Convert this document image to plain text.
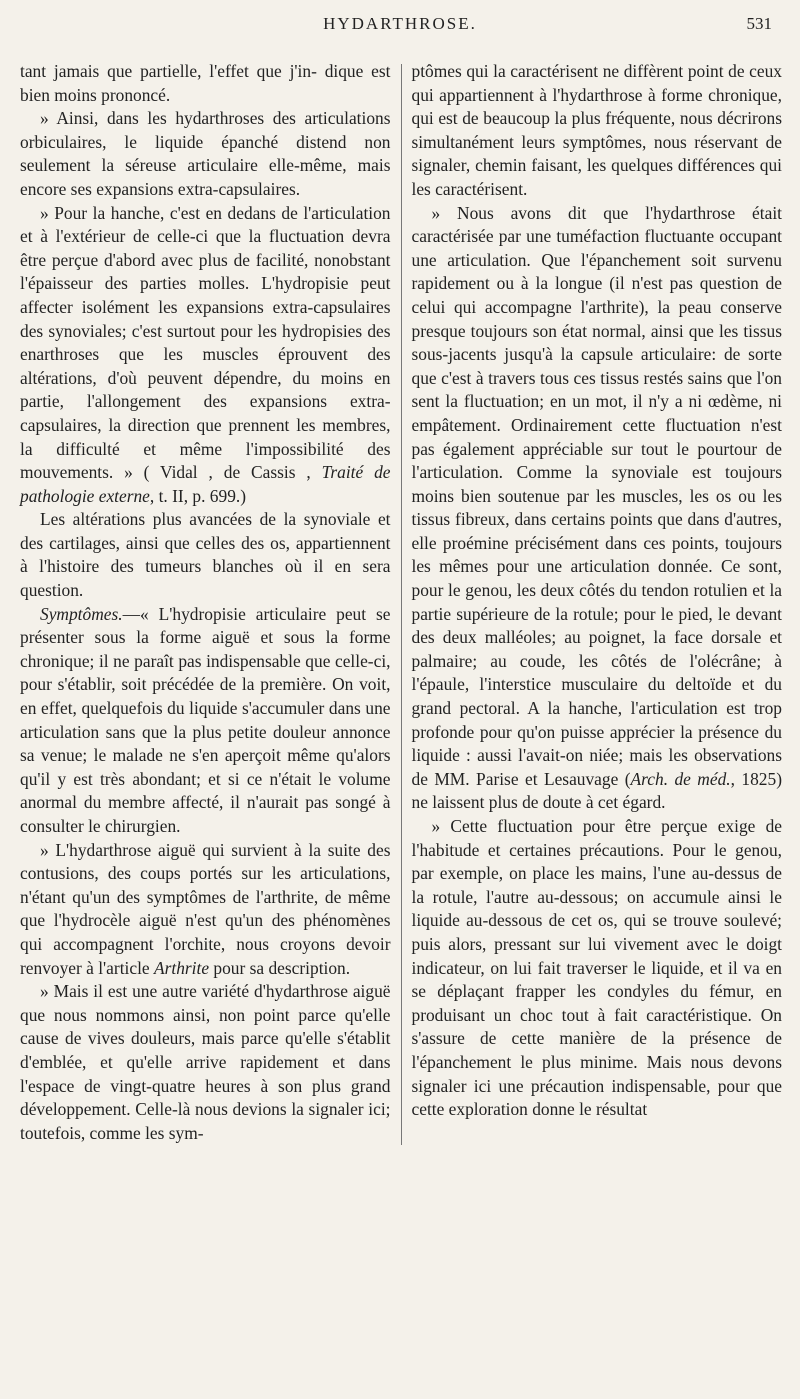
HYDARTHROSE.	531

tant jamais que partielle, l'effet que j'in- dique est bien moins prononcé.

» Ainsi, dans les hydarthroses des articulations orbiculaires, le liquide épanché distend non seulement la séreuse articulaire elle-même, mais encore ses expansions extra-capsulaires.

» Pour la hanche, c'est en dedans de l'articulation et à l'extérieur de celle-ci que la fluctuation devra être perçue d'abord avec plus de facilité, nonobstant l'épaisseur des parties molles. L'hydropisie peut affecter isolément les expansions extra-capsulaires des synoviales; c'est surtout pour les hydropisies des enarthroses que les muscles éprouvent des altérations, d'où peuvent dépendre, du moins en partie, l'allongement des expansions extra-capsulaires, la direction que prennent les membres, la difficulté et même l'impossibilité des mouvements. » ( Vidal , de Cassis , Traité de pathologie externe, t. II, p. 699.)

Les altérations plus avancées de la synoviale et des cartilages, ainsi que celles des os, appartiennent à l'histoire des tumeurs blanches où il en sera question.

Symptômes.—« L'hydropisie articulaire peut se présenter sous la forme aiguë et sous la forme chronique; il ne paraît pas indispensable que celle-ci, pour s'établir, soit précédée de la première. On voit, en effet, quelquefois du liquide s'accumuler dans une articulation sans que la plus petite douleur annonce sa venue; le malade ne s'en aperçoit même qu'alors qu'il y est très abondant; et si ce n'était le volume anormal du membre affecté, il n'aurait pas songé à consulter le chirurgien.

» L'hydarthrose aiguë qui survient à la suite des contusions, des coups portés sur les articulations, n'étant qu'un des symptômes de l'arthrite, de même que l'hydrocèle aiguë n'est qu'un des phénomènes qui accompagnent l'orchite, nous croyons devoir renvoyer à l'article Arthrite pour sa description.

» Mais il est une autre variété d'hydarthrose aiguë que nous nommons ainsi, non point parce qu'elle cause de vives douleurs, mais parce qu'elle s'établit d'emblée, et qu'elle arrive rapidement et dans l'espace de vingt-quatre heures à son plus grand développement. Celle-là nous devions la signaler ici; toutefois, comme les sym-

ptômes qui la caractérisent ne diffèrent point de ceux qui appartiennent à l'hydarthrose à forme chronique, qui est de beaucoup la plus fréquente, nous décrirons simultanément leurs symptômes, nous réservant de signaler, chemin faisant, les quelques différences qui les caractérisent.

» Nous avons dit que l'hydarthrose était caractérisée par une tuméfaction fluctuante occupant une articulation. Que l'épanchement soit survenu rapidement ou à la longue (il n'est pas question de celui qui accompagne l'arthrite), la peau conserve presque toujours son état normal, ainsi que les tissus sous-jacents jusqu'à la capsule articulaire: de sorte que c'est à travers tous ces tissus restés sains que l'on sent la fluctuation; en un mot, il n'y a ni œdème, ni empâtement. Ordinairement cette fluctuation n'est pas également appréciable sur tout le pourtour de l'articulation. Comme la synoviale est toujours moins bien soutenue par les muscles, les os ou les tissus fibreux, dans certains points que dans d'autres, elle proémine précisément dans ces points, toujours les mêmes pour une articulation donnée. Ce sont, pour le genou, les deux côtés du tendon rotulien et la partie supérieure de la rotule; pour le pied, le devant des deux malléoles; au poignet, la face dorsale et palmaire; au coude, les côtés de l'olécrâne; à l'épaule, l'interstice musculaire du deltoïde et du grand pectoral. A la hanche, l'articulation est trop profonde pour qu'on puisse apprécier la présence du liquide : aussi l'avait-on niée; mais les observations de MM. Parise et Lesauvage (Arch. de méd., 1825) ne laissent plus de doute à cet égard.

» Cette fluctuation pour être perçue exige de l'habitude et certaines précautions. Pour le genou, par exemple, on place les mains, l'une au-dessus de la rotule, l'autre au-dessous; on accumule ainsi le liquide au-dessous de cet os, qui se trouve soulevé; puis alors, pressant sur lui vivement avec le doigt indicateur, on lui fait traverser le liquide, et il va en se déplaçant frapper les condyles du fémur, en produisant un choc tout à fait caractéristique. On s'assure de cette manière de la présence de l'épanchement le plus minime. Mais nous devons signaler ici une précaution indispensable, pour que cette exploration donne le résultat
